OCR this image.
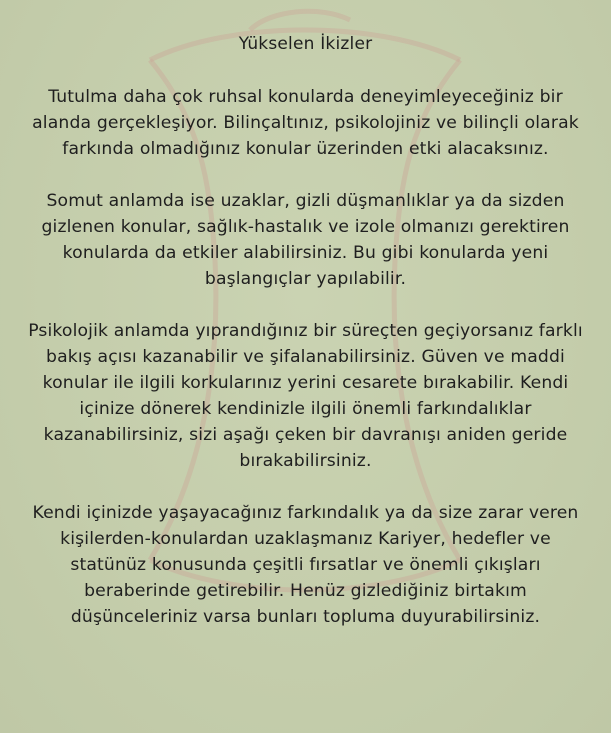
Yükselen İkizler

Tutulma daha çok ruhsal konularda deneyimleyeceğiniz bir alanda gerçekleşiyor. Bilinçaltınız, psikolojiniz ve bilinçli olarak farkında olmadığınız konular üzerinden etki alacaksınız.

Somut anlamda ise uzaklar, gizli düşmanlıklar ya da sizden gizlenen konular, sağlık-hastalık ve izole olmanızı gerektiren konularda da etkiler alabilirsiniz. Bu gibi konularda yeni başlangıçlar yapılabilir.

Psikolojik anlamda yıprandığınız bir süreçten geçiyorsanız farklı bakış açısı kazanabilir ve şifalanabilirsiniz. Güven ve maddi konular ile ilgili korkularınız yerini cesarete bırakabilir. Kendi içinize dönerek kendinizle ilgili önemli farkındalıklar kazanabilirsiniz, sizi aşağı çeken bir davranışı aniden geride bırakabilirsiniz.

Kendi içinizde yaşayacağınız farkındalık ya da size zarar veren kişilerden-konulardan uzaklaşmanız Kariyer, hedefler ve statünüz konusunda çeşitli fırsatlar ve önemli çıkışları beraberinde getirebilir. Henüz gizlediğiniz birtakım düşünceleriniz varsa bunları topluma duyurabilirsiniz.
